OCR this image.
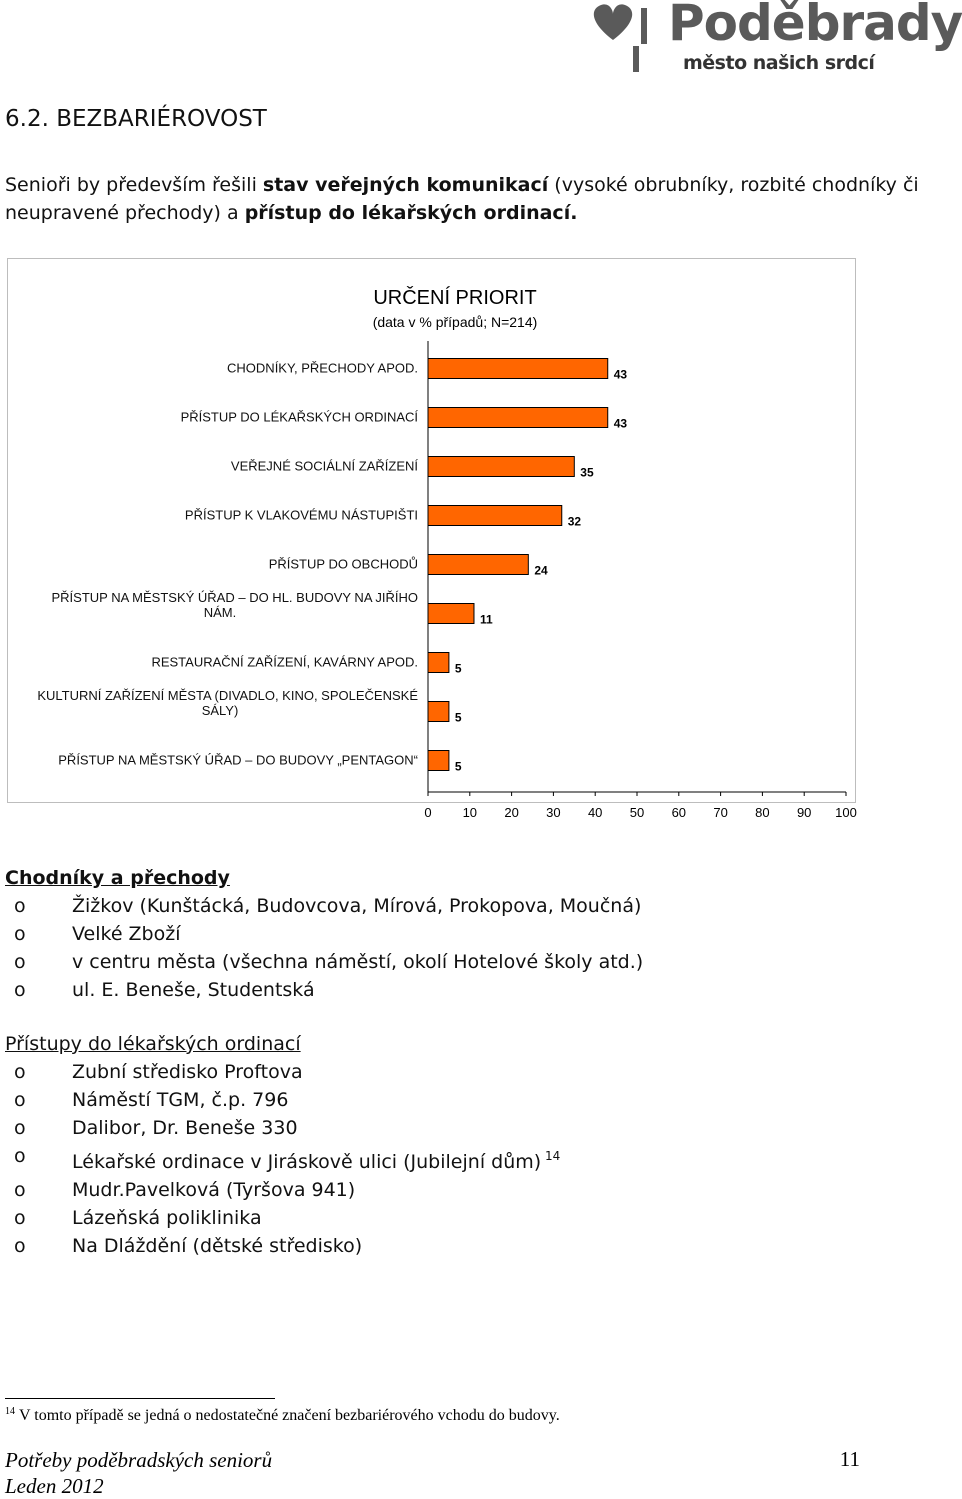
Poděbrady
město našich srdcí
6.2. BEZBARIÉROVOST
Senioři by především řešili stav veřejných komunikací (vysoké obrubníky, rozbité chodníky či neupravené přechody) a přístup do lékařských ordinací.
URČENÍ PRIORIT
(data v % případů; N=214)
43
CHODNÍKY, PŘECHODY APOD.
43
PŘÍSTUP DO LÉKAŘSKÝCH ORDINACÍ
35
VEŘEJNÉ SOCIÁLNÍ ZAŘÍZENÍ
32
PŘÍSTUP K VLAKOVÉMU NÁSTUPIŠTI
24
PŘÍSTUP DO OBCHODŮ
11
PŘÍSTUP NA MĚSTSKÝ ÚŘAD – DO HL. BUDOVY NA JIŘÍHO
NÁM.
5
RESTAURAČNÍ ZAŘÍZENÍ, KAVÁRNY APOD.
5
KULTURNÍ ZAŘÍZENÍ MĚSTA (DIVADLO, KINO, SPOLEČENSKÉ
SÁLY)
5
PŘÍSTUP NA MĚSTSKÝ ÚŘAD – DO BUDOVY „PENTAGON“
0 10 20 30 40 50 60 70 80 90 100
Chodníky a přechody
o Žižkov (Kunštácká, Budovcova, Mírová, Prokopova, Moučná)
o Velké Zboží
o v centru města (všechna náměstí, okolí Hotelové školy atd.)
o ul. E. Beneše, Studentská
Přístupy do lékařských ordinací
o Zubní středisko Proftova
o Náměstí TGM, č.p. 796
o Dalibor, Dr. Beneše 330
o Lékařské ordinace v Jiráskově ulici (Jubilejní dům) $^{14}$
o Mudr.Pavelková (Tyršova 941)
o Lázeňská poliklinika
o Na Dláždění (dětské středisko)
$^{14}$ V tomto případě se jedná o nedostatečné značení bezbariérového vchodu do budovy.
Potřeby poděbradských seniorů
Leden 2012
11
